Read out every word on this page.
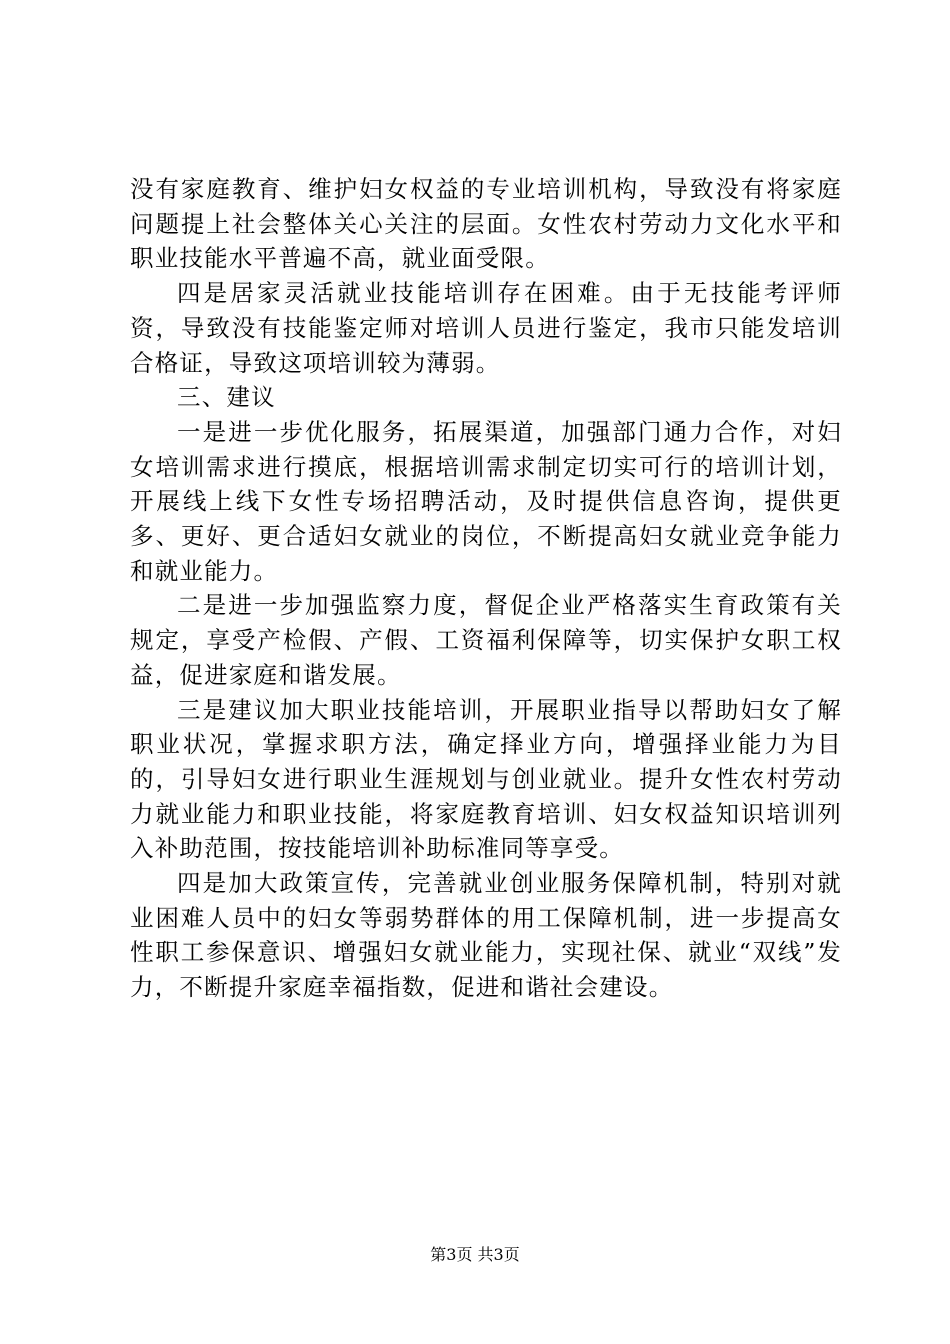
没有家庭教育、维护妇女权益的专业培训机构，导致没有将家庭问题提上社会整体关心关注的层面。女性农村劳动力文化水平和职业技能水平普遍不高，就业面受限。

四是居家灵活就业技能培训存在困难。由于无技能考评师资，导致没有技能鉴定师对培训人员进行鉴定，我市只能发培训合格证，导致这项培训较为薄弱。

三、建议

一是进一步优化服务，拓展渠道，加强部门通力合作，对妇女培训需求进行摸底，根据培训需求制定切实可行的培训计划，开展线上线下女性专场招聘活动，及时提供信息咨询，提供更多、更好、更合适妇女就业的岗位，不断提高妇女就业竞争能力和就业能力。

二是进一步加强监察力度，督促企业严格落实生育政策有关规定，享受产检假、产假、工资福利保障等，切实保护女职工权益，促进家庭和谐发展。

三是建议加大职业技能培训，开展职业指导以帮助妇女了解职业状况，掌握求职方法，确定择业方向，增强择业能力为目的，引导妇女进行职业生涯规划与创业就业。提升女性农村劳动力就业能力和职业技能，将家庭教育培训、妇女权益知识培训列入补助范围，按技能培训补助标准同等享受。

四是加大政策宣传，完善就业创业服务保障机制，特别对就业困难人员中的妇女等弱势群体的用工保障机制，进一步提高女性职工参保意识、增强妇女就业能力，实现社保、就业“双线”发力，不断提升家庭幸福指数，促进和谐社会建设。

第3页 共3页
